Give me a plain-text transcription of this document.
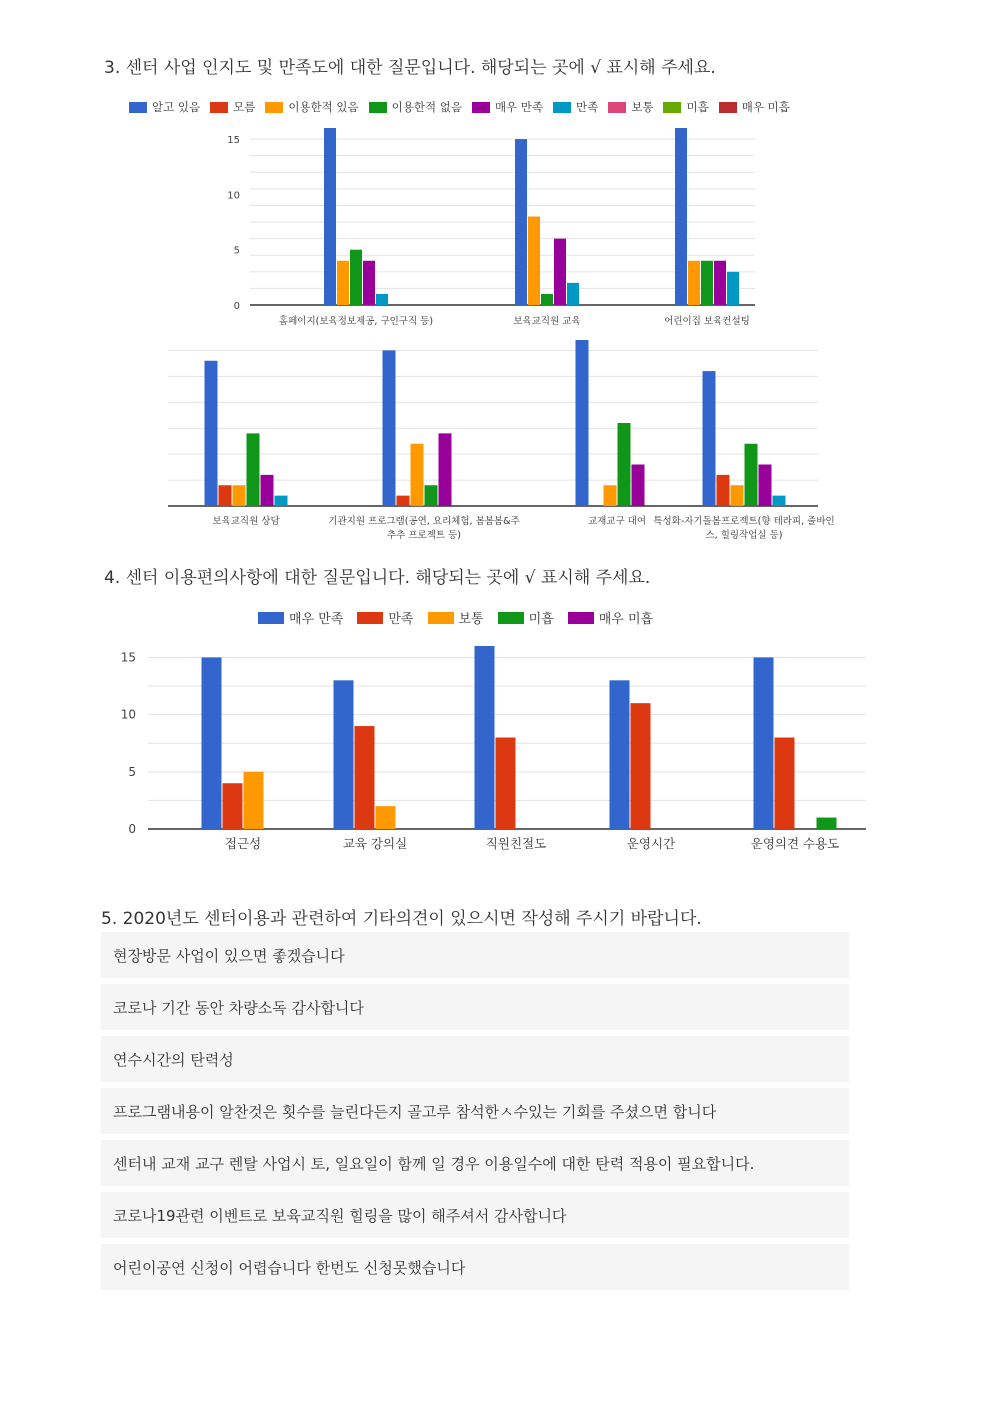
3. 센터 사업 인지도 및 만족도에 대한 질문입니다. 해당되는 곳에 √ 표시해 주세요.
알고 있음	모름	이용한적 있음	이용한적 없음	매우 만족	만족	보통	미흡	매우 미흡
4. 센터 이용편의사항에 대한 질문입니다. 해당되는 곳에 √ 표시해 주세요.
매우 만족	만족	보통	미흡	매우 미흡
0
5
10
15
홈페이지(보육정보제공, 구인구직 등)	보육교직원 교육	어린이집 보육컨설팅
보육교직원 상담	기관지원 프로그램(공연, 요리체험, 봄봄봄&주
추추 프로젝트 등)
교재교구 대여 특성화-자기돌봄프로젝트(향 테라피, 줄바인
스, 힐링작업실 등)
0
5
10
15
접근성	교육 강의실	직원친절도	운영시간	운영의견 수용도
5. 2020년도 센터이용과 관련하여 기타의견이 있으시면 작성해 주시기 바랍니다.
현장방문 사업이 있으면 좋겠습니다
코로나 기간 동안 차량소독 감사합니다
연수시간의 탄력성
프로그램내용이 알찬것은 횟수를 늘린다든지 골고루 참석한ㅅ수있는 기회를 주셨으면 합니다
센터내 교재 교구 렌탈 사업시 토, 일요일이 함께 일 경우 이용일수에 대한 탄력 적용이 필요합니다.
코로나19관련 이벤트로 보육교직원 힐링을 많이 해주셔서 감사합니다
어린이공연 신청이 어렵습니다 한번도 신청못했습니다
